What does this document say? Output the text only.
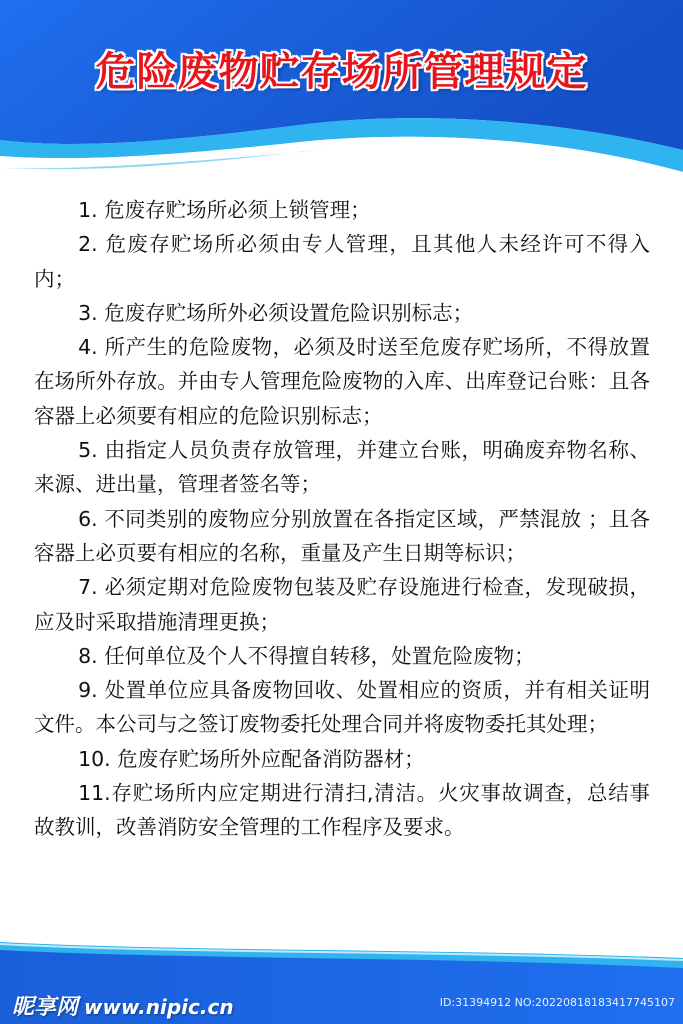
危险废物贮存场所管理规定

1. 危废存贮场所必须上锁管理；

2. 危废存贮场所必须由专人管理，且其他人未经许可不得入内；

3. 危废存贮场所外必须设置危险识别标志；

4. 所产生的危险废物，必须及时送至危废存贮场所，不得放置在场所外存放。并由专人管理危险废物的入库、出库登记台账：且各容器上必须要有相应的危险识别标志；

5. 由指定人员负责存放管理，并建立台账，明确废弃物名称、来源、进出量，管理者签名等；

6. 不同类别的废物应分别放置在各指定区域，严禁混放 ；且各容器上必页要有相应的名称，重量及产生日期等标识；

7. 必须定期对危险废物包装及贮存设施进行检查，发现破损，应及时采取措施清理更换；

8. 任何单位及个人不得擅自转移，处置危险废物；

9. 处置单位应具备废物回收、处置相应的资质，并有相关证明文件。本公司与之签订废物委托处理合同并将废物委托其处理；

10. 危废存贮场所外应配备消防器材；

11.存贮场所内应定期进行清扫,清洁。火灾事故调查，总结事故教训，改善消防安全管理的工作程序及要求。

昵享网 www.nipic.cn	ID:31394912 NO:20220818183417745107
